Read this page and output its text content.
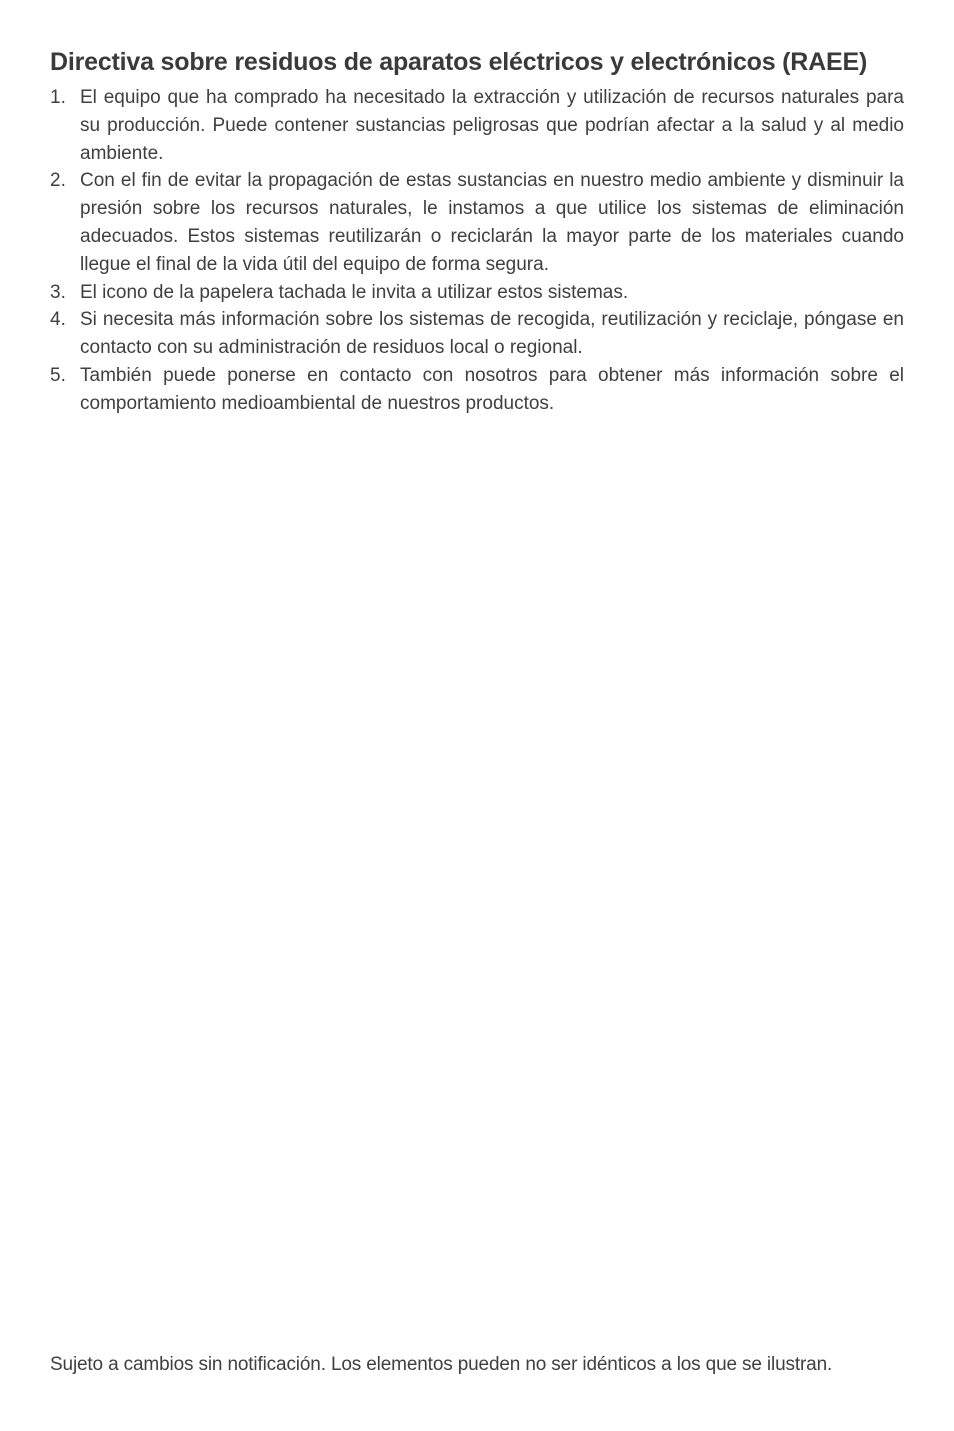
Directiva sobre residuos de aparatos eléctricos y electrónicos (RAEE)
1. El equipo que ha comprado ha necesitado la extracción y utilización de recursos naturales para su producción. Puede contener sustancias peligrosas que podrían afectar a la salud y al medio ambiente.
2. Con el fin de evitar la propagación de estas sustancias en nuestro medio ambiente y disminuir la presión sobre los recursos naturales, le instamos a que utilice los sistemas de eliminación adecuados. Estos sistemas reutilizarán o reciclarán la mayor parte de los materiales cuando llegue el final de la vida útil del equipo de forma segura.
3. El icono de la papelera tachada le invita a utilizar estos sistemas.
4. Si necesita más información sobre los sistemas de recogida, reutilización y reciclaje, póngase en contacto con su administración de residuos local o regional.
5. También puede ponerse en contacto con nosotros para obtener más información sobre el comportamiento medioambiental de nuestros productos.
Sujeto a cambios sin notificación. Los elementos pueden no ser idénticos a los que se ilustran.
